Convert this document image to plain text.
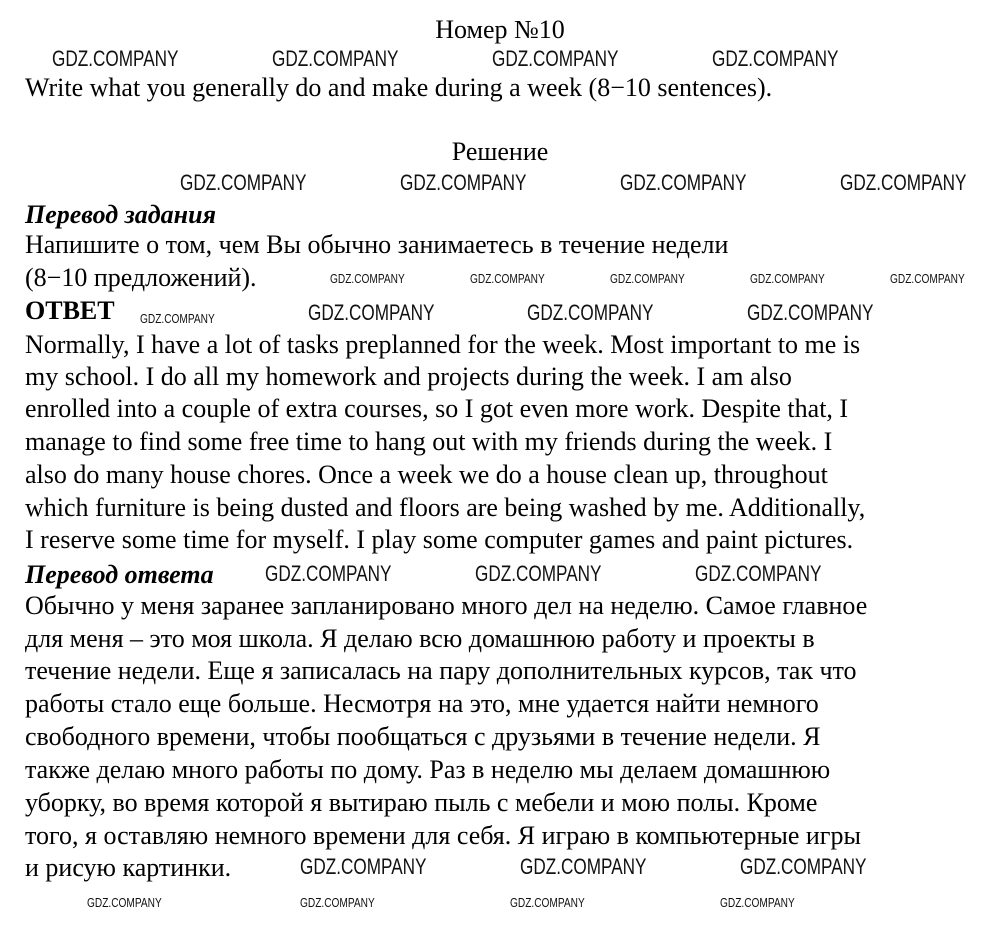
Номер №10
Write what you generally do and make during a week (8−10 sentences).
Решение
Перевод задания
Напишите о том, чем Вы обычно занимаетесь в течение недели
(8−10 предложений).
ОТВЕТ
Normally, I have a lot of tasks preplanned for the week. Most important to me is
my school. I do all my homework and projects during the week. I am also
enrolled into a couple of extra courses, so I got even more work. Despite that, I
manage to find some free time to hang out with my friends during the week. I
also do many house chores. Once a week we do a house clean up, throughout
which furniture is being dusted and floors are being washed by me. Additionally,
I reserve some time for myself. I play some computer games and paint pictures.
Перевод ответа
Обычно у меня заранее запланировано много дел на неделю. Самое главное
для меня – это моя школа. Я делаю всю домашнюю работу и проекты в
течение недели. Еще я записалась на пару дополнительных курсов, так что
работы стало еще больше. Несмотря на это, мне удается найти немного
свободного времени, чтобы пообщаться с друзьями в течение недели. Я
также делаю много работы по дому. Раз в неделю мы делаем домашнюю
уборку, во время которой я вытираю пыль с мебели и мою полы. Кроме
того, я оставляю немного времени для себя. Я играю в компьютерные игры
и рисую картинки.
GDZ.COMPANY	GDZ.COMPANY	GDZ.COMPANY	GDZ.COMPANY
GDZ.COMPANY	GDZ.COMPANY	GDZ.COMPANY	GDZ.COMPANY
GDZ.COMPANY	GDZ.COMPANY	GDZ.COMPANY
GDZ.COMPANY	GDZ.COMPANY
GDZ.COMPANY
GDZ.COMPANY	GDZ.COMPANY	GDZ.COMPANY
GDZ.COMPANY
GDZ.COMPANY	GDZ.COMPANY	GDZ.COMPANY	GDZ.COMPANY	GDZ.COMPANY
GDZ.COMPANY	GDZ.COMPANY	GDZ.COMPANY	GDZ.COMPANY
